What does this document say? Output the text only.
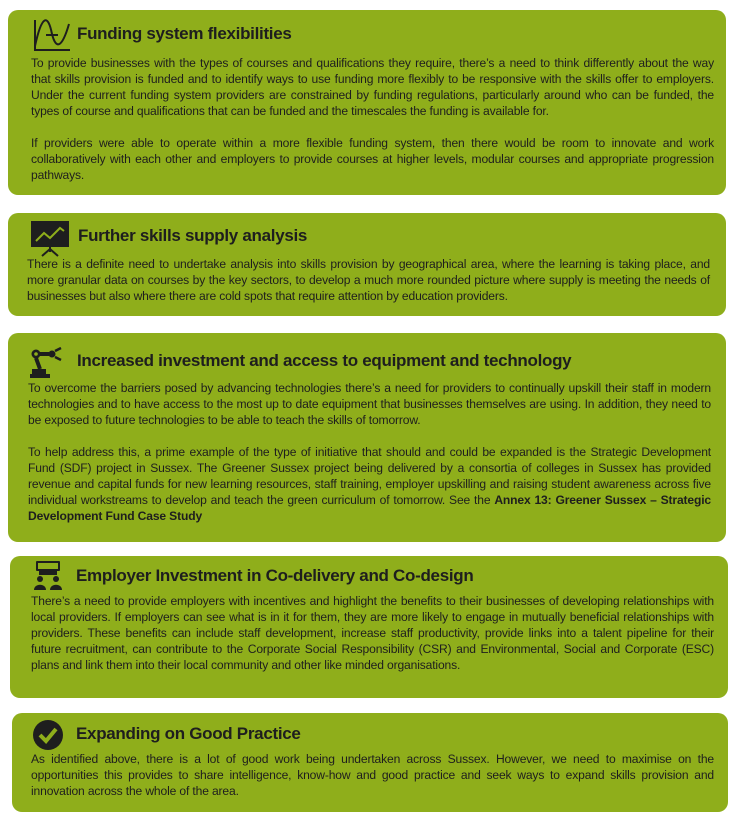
Funding system flexibilities

To provide businesses with the types of courses and qualifications they require, there’s a need to think differently about the way that skills provision is funded and to identify ways to use funding more flexibly to be responsive with the skills offer to employers. Under the current funding system providers are constrained by funding regulations, particularly around who can be funded, the types of course and qualifications that can be funded and the timescales the funding is available for.

If providers were able to operate within a more flexible funding system, then there would be room to innovate and work collaboratively with each other and employers to provide courses at higher levels, modular courses and appropriate progression pathways.

Further skills supply analysis

There is a definite need to undertake analysis into skills provision by geographical area, where the learning is taking place, and more granular data on courses by the key sectors, to develop a much more rounded picture where supply is meeting the needs of businesses but also where there are cold spots that require attention by education providers.

Increased investment and access to equipment and technology

To overcome the barriers posed by advancing technologies there’s a need for providers to continually upskill their staff in modern technologies and to have access to the most up to date equipment that businesses themselves are using. In addition, they need to be exposed to future technologies to be able to teach the skills of tomorrow.

To help address this, a prime example of the type of initiative that should and could be expanded is the Strategic Development Fund (SDF) project in Sussex. The Greener Sussex project being delivered by a consortia of colleges in Sussex has provided revenue and capital funds for new learning resources, staff training, employer upskilling and raising student awareness across five individual workstreams to develop and teach the green curriculum of tomorrow. See the Annex 13: Greener Sussex – Strategic Development Fund Case Study

Employer Investment in Co-delivery and Co-design

There’s a need to provide employers with incentives and highlight the benefits to their businesses of developing relationships with local providers. If employers can see what is in it for them, they are more likely to engage in mutually beneficial relationships with providers. These benefits can include staff development, increase staff productivity, provide links into a talent pipeline for their future recruitment, can contribute to the Corporate Social Responsibility (CSR) and Environmental, Social and Corporate (ESC) plans and link them into their local community and other like minded organisations.

Expanding on Good Practice

As identified above, there is a lot of good work being undertaken across Sussex. However, we need to maximise on the opportunities this provides to share intelligence, know-how and good practice and seek ways to expand skills provision and innovation across the whole of the area.
